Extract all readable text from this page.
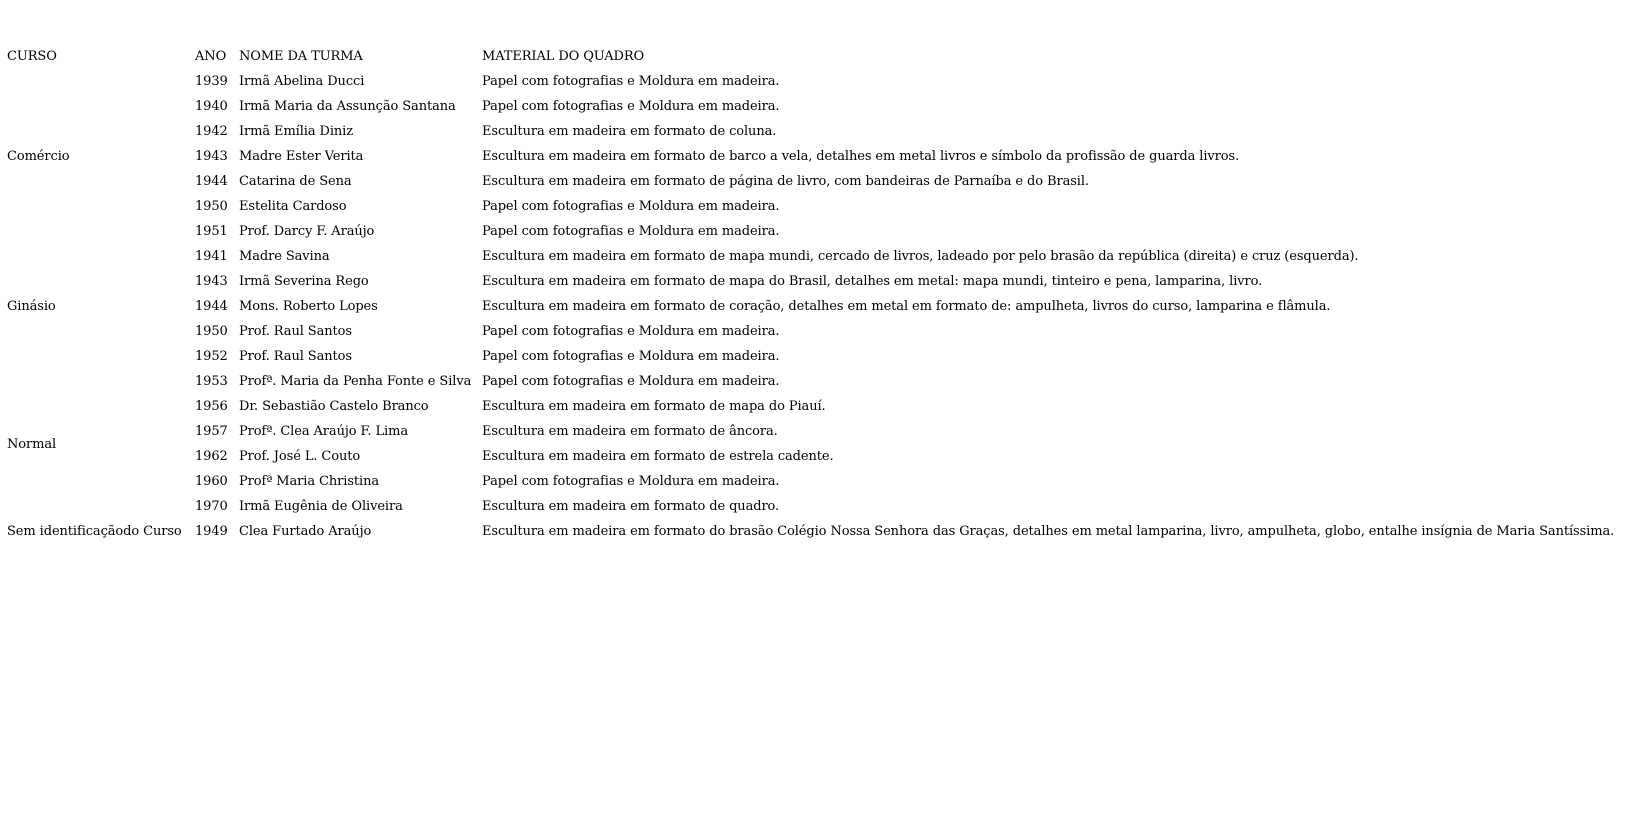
CURSO	ANO	NOME DA TURMA	MATERIAL DO QUADRO
Comércio	1939	Irmã Abelina Ducci	Papel com fotografias e Moldura em madeira.
	1940	Irmã Maria da Assunção Santana	Papel com fotografias e Moldura em madeira.
	1942	Irmã Emília Diniz	Escultura em madeira em formato de coluna.
	1943	Madre Ester Verita	Escultura em madeira em formato de barco a vela, detalhes em metal livros e símbolo da profissão de guarda livros.
	1944	Catarina de Sena	Escultura em madeira em formato de página de livro, com bandeiras de Parnaíba e do Brasil.
	1950	Estelita Cardoso	Papel com fotografias e Moldura em madeira.
	1951	Prof. Darcy F. Araújo	Papel com fotografias e Moldura em madeira.
Ginásio	1941	Madre Savina	Escultura em madeira em formato de mapa mundi, cercado de livros, ladeado por pelo brasão da república (direita) e cruz (esquerda).
	1943	Irmã Severina Rego	Escultura em madeira em formato de mapa do Brasil, detalhes em metal: mapa mundi, tinteiro e pena, lamparina, livro.
	1944	Mons. Roberto Lopes	Escultura em madeira em formato de coração, detalhes em metal em formato de: ampulheta, livros do curso, lamparina e flâmula.
	1950	Prof. Raul Santos	Papel com fotografias e Moldura em madeira.
	1952	Prof. Raul Santos	Papel com fotografias e Moldura em madeira.
Normal	1953	Profª. Maria da Penha Fonte e Silva	Papel com fotografias e Moldura em madeira.
	1956	Dr. Sebastião Castelo Branco	Escultura em madeira em formato de mapa do Piauí.
	1957	Profª. Clea Araújo F. Lima	Escultura em madeira em formato de âncora.
	1962	Prof. José L. Couto	Escultura em madeira em formato de estrela cadente.
	1960	Profª Maria Christina	Papel com fotografias e Moldura em madeira.
	1970	Irmã Eugênia de Oliveira	Escultura em madeira em formato de quadro.
Sem identificaçãodo Curso	1949	Clea Furtado Araújo	Escultura em madeira em formato do brasão Colégio Nossa Senhora das Graças, detalhes em metal lamparina, livro, ampulheta, globo, entalhe insígnia de Maria Santíssima.
